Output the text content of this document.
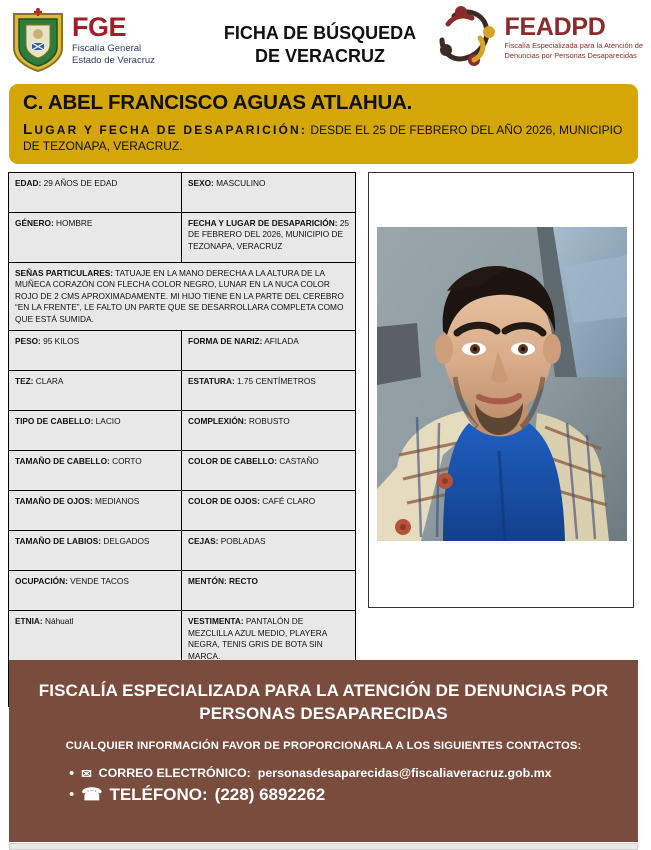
FGE
Fiscalía General
Estado de Veracruz
FICHA DE BÚSQUEDA
DE VERACRUZ
FEADPD
Fiscalía Especializada para la Atención de
Denuncias por Personas Desaparecidas
C. ABEL FRANCISCO AGUAS ATLAHUA.
LUGAR Y FECHA DE DESAPARICIÓN: DESDE EL 25 DE FEBRERO DEL AÑO 2026, MUNICIPIO DE TEZONAPA, VERACRUZ.
EDAD: 29 AÑOS DE EDAD	SEXO: MASCULINO
GÉNERO: HOMBRE	FECHA Y LUGAR DE DESAPARICIÓN: 25 DE FEBRERO DEL 2026, MUNICIPIO DE TEZONAPA, VERACRUZ
SEÑAS PARTICULARES: TATUAJE EN LA MANO DERECHA A LA ALTURA DE LA MUÑECA CORAZÓN CON FLECHA COLOR NEGRO, LUNAR EN LA NUCA COLOR ROJO DE 2 CMS APROXIMADAMENTE. MI HIJO TIENE EN LA PARTE DEL CEREBRO “EN LA FRENTE”, LE FALTO UN PARTE QUE SE DESARROLLARA COMPLETA COMO QUE ESTÁ SUMIDA.
PESO: 95 KILOS	FORMA DE NARIZ: AFILADA
TEZ: CLARA	ESTATURA: 1.75 CENTÍMETROS
TIPO DE CABELLO: LACIO	COMPLEXIÓN: ROBUSTO
TAMAÑO DE CABELLO: CORTO	COLOR DE CABELLO: CASTAÑO
TAMAÑO DE OJOS: MEDIANOS	COLOR DE OJOS: CAFÉ CLARO
TAMAÑO DE LABIOS: DELGADOS	CEJAS: POBLADAS
OCUPACIÓN: VENDE TACOS	MENTÓN: RECTO
ETNIA: Náhuatl	VESTIMENTA: PANTALÓN DE MEZCLILLA AZUL MEDIO, PLAYERA NEGRA, TENIS GRIS DE BOTA SIN MARCA.
FISCALÍA ESPECIALIZADA PARA LA ATENCIÓN DE DENUNCIAS POR
PERSONAS DESAPARECIDAS
CUALQUIER INFORMACIÓN FAVOR DE PROPORCIONARLA A LOS SIGUIENTES CONTACTOS:
• ✉ CORREO ELECTRÓNICO: personasdesaparecidas@fiscaliaveracruz.gob.mx
• ☎ TELÉFONO: (228) 6892262
